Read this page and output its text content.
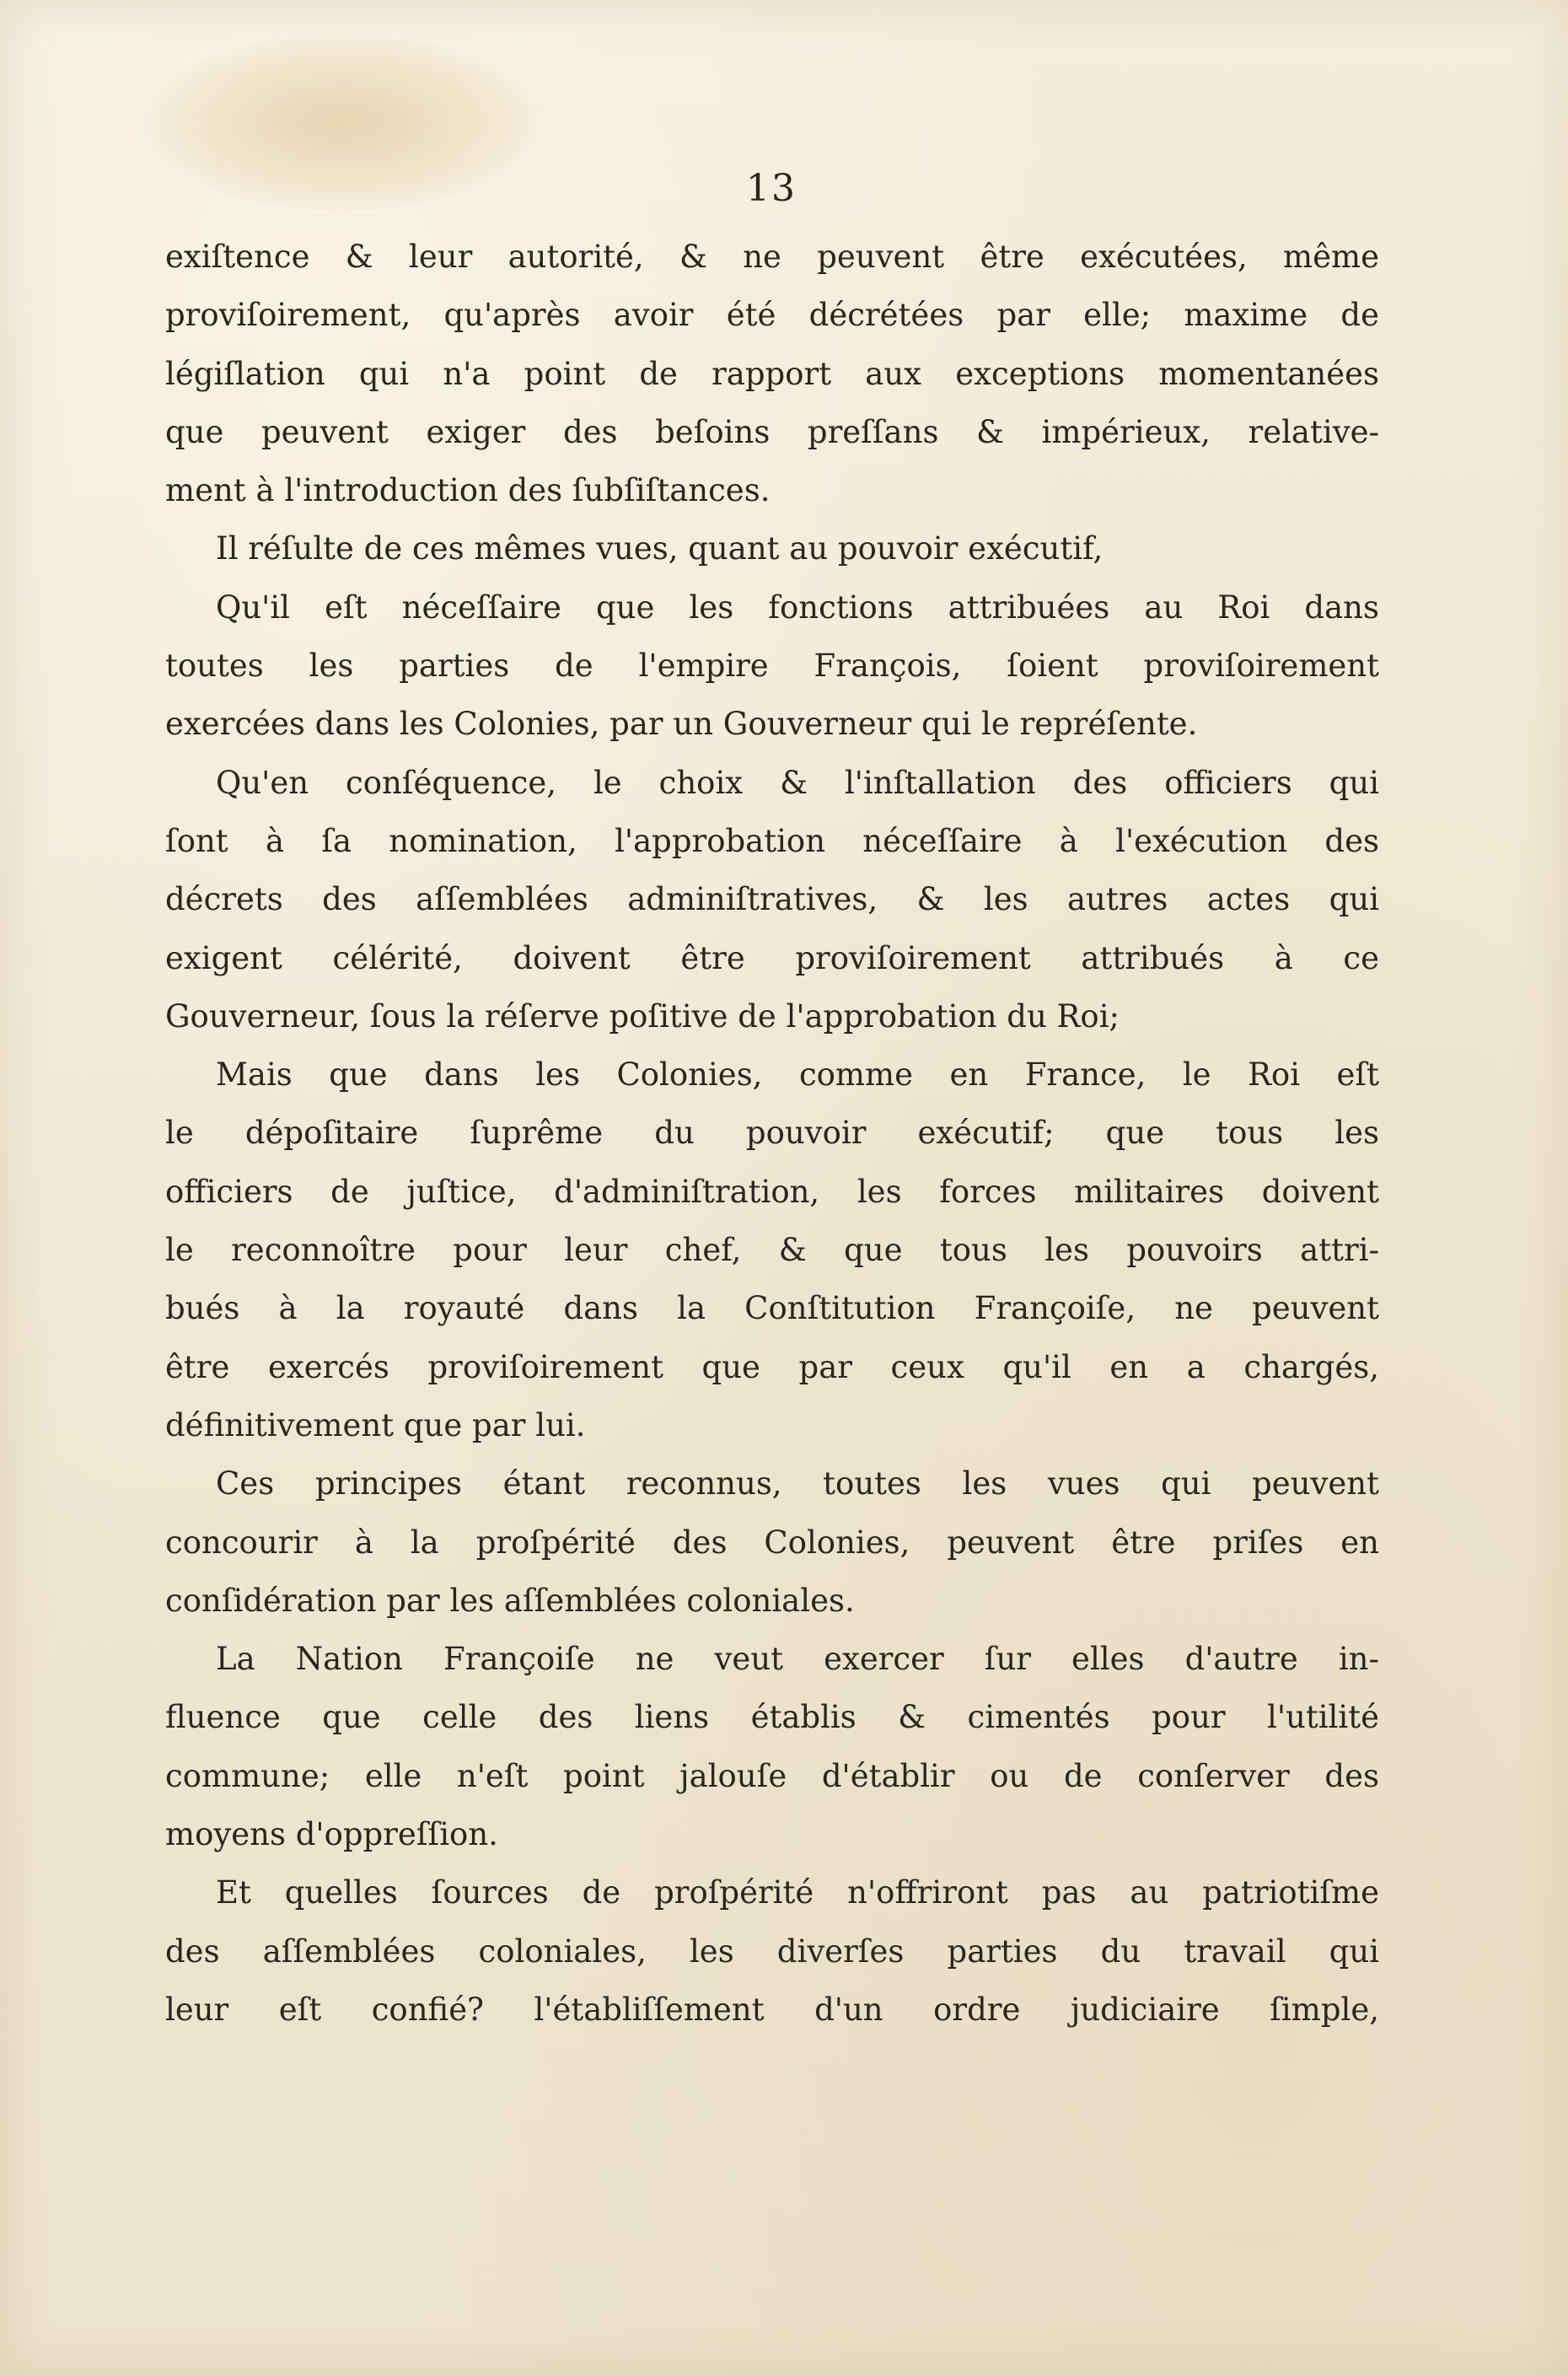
13
exiſtence & leur autorité, & ne peuvent être exécutées, même
proviſoirement, qu'après avoir été décrétées par elle; maxime de
légiſlation qui n'a point de rapport aux exceptions momentanées
que peuvent exiger des beſoins preſſans & impérieux, relative-
ment à l'introduction des ſubſiſtances.
Il réſulte de ces mêmes vues, quant au pouvoir exécutif,
Qu'il eſt néceſſaire que les fonctions attribuées au Roi dans
toutes les parties de l'empire François, ſoient proviſoirement
exercées dans les Colonies, par un Gouverneur qui le repréſente.
Qu'en conſéquence, le choix & l'inſtallation des officiers qui
ſont à ſa nomination, l'approbation néceſſaire à l'exécution des
décrets des aſſemblées adminiſtratives, & les autres actes qui
exigent célérité, doivent être proviſoirement attribués à ce
Gouverneur, ſous la réſerve poſitive de l'approbation du Roi;
Mais que dans les Colonies, comme en France, le Roi eſt
le dépoſitaire ſuprême du pouvoir exécutif; que tous les
officiers de juſtice, d'adminiſtration, les forces militaires doivent
le reconnoître pour leur chef, & que tous les pouvoirs attri-
bués à la royauté dans la Conſtitution Françoiſe, ne peuvent
être exercés proviſoirement que par ceux qu'il en a chargés,
définitivement que par lui.
Ces principes étant reconnus, toutes les vues qui peuvent
concourir à la proſpérité des Colonies, peuvent être priſes en
conſidération par les aſſemblées coloniales.
La Nation Françoiſe ne veut exercer ſur elles d'autre in-
fluence que celle des liens établis & cimentés pour l'utilité
commune; elle n'eſt point jalouſe d'établir ou de conſerver des
moyens d'oppreſſion.
Et quelles ſources de proſpérité n'offriront pas au patriotiſme
des aſſemblées coloniales, les diverſes parties du travail qui
leur eſt confié? l'établiſſement d'un ordre judiciaire ſimple,
